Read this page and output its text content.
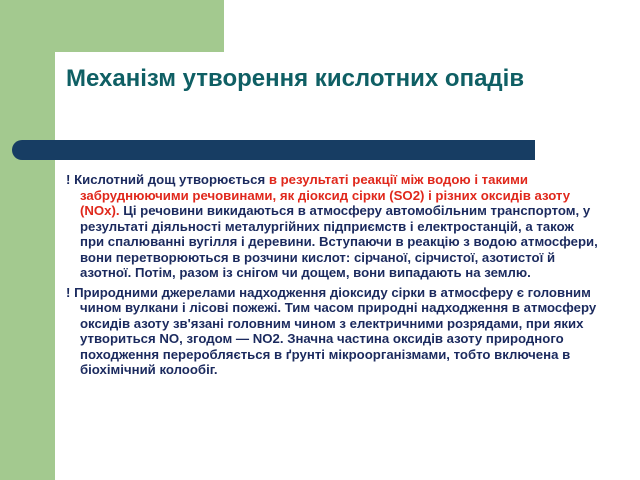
Механізм утворення кислотних опадів

! Кислотний дощ утворюється в результаті реакції між водою і такими забруднюючими речовинами, як діоксид сірки (SO2) і різних оксидів азоту (NOx). Ці речовини викидаються в атмосферу автомобільним транспортом, у результаті діяльності металургійних підприємств і електростанцій, а також при спалюванні вугілля і деревини. Вступаючи в реакцію з водою атмосфери, вони перетворюються в розчини кислот: сірчаної, сірчистої, азотистої й азотної. Потім, разом із снігом чи дощем, вони випадають на землю.

! Природними джерелами надходження діоксиду сірки в атмосферу є головним чином вулкани і лісові пожежі. Тим часом природні надходження в атмосферу оксидів азоту зв'язані головним чином з електричними розрядами, при яких утвориться NO, згодом — NO2. Значна частина оксидів азоту природного походження переробляється в ґрунті мікроорганізмами, тобто включена в біохімічний колообіг.
